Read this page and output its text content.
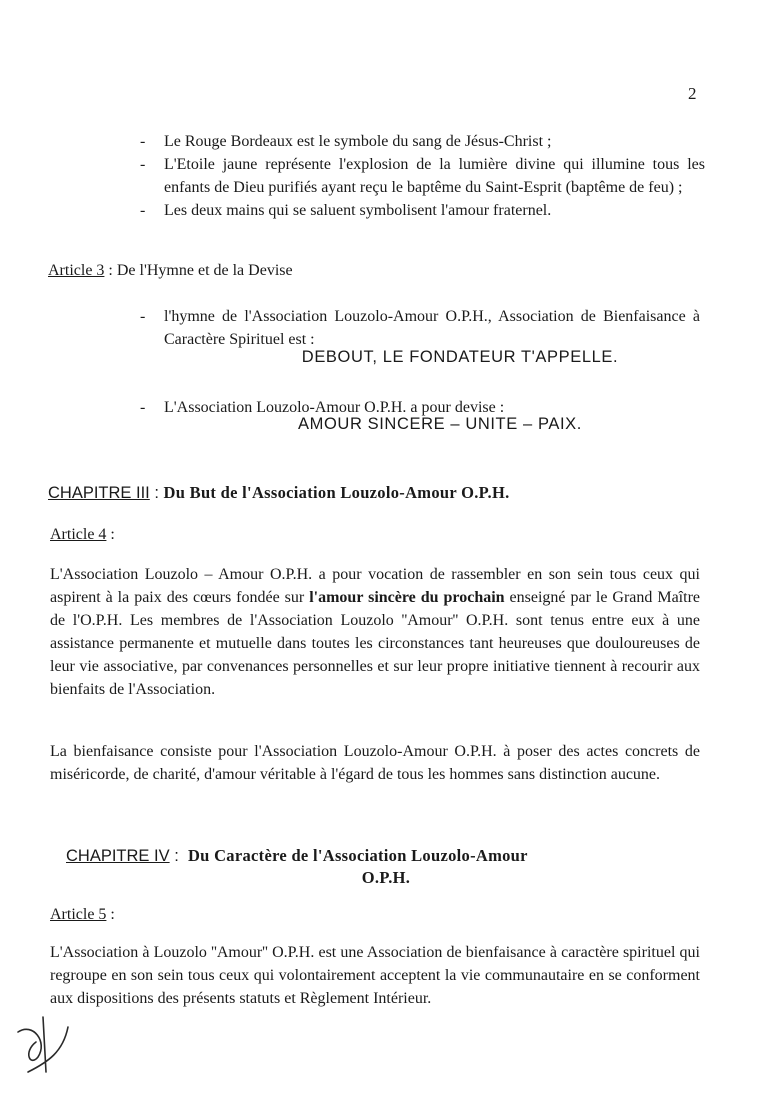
2
- Le Rouge Bordeaux est le symbole du sang de Jésus-Christ ;
- L'Etoile jaune représente l'explosion de la lumière divine qui illumine tous les enfants de Dieu purifiés ayant reçu le baptême du Saint-Esprit (baptême de feu) ;
- Les deux mains qui se saluent symbolisent l'amour fraternel.
Article 3 : De l'Hymne et de la Devise
- l'hymne de l'Association Louzolo-Amour O.P.H., Association de Bienfaisance à Caractère Spirituel est :
DEBOUT, LE FONDATEUR T'APPELLE.
- L'Association Louzolo-Amour O.P.H. a pour devise :
AMOUR SINCERE – UNITE – PAIX.
CHAPITRE III : Du But de l'Association Louzolo-Amour O.P.H.
Article 4 :
L'Association Louzolo – Amour O.P.H. a pour vocation de rassembler en son sein tous ceux qui aspirent à la paix des cœurs fondée sur l'amour sincère du prochain enseigné par le Grand Maître de l'O.P.H. Les membres de l'Association Louzolo ''Amour'' O.P.H. sont tenus entre eux à une assistance permanente et mutuelle dans toutes les circonstances tant heureuses que douloureuses de leur vie associative, par convenances personnelles et sur leur propre initiative tiennent à recourir aux bienfaits de l'Association.
La bienfaisance consiste pour l'Association Louzolo-Amour O.P.H. à poser des actes concrets de miséricorde, de charité, d'amour véritable à l'égard de tous les hommes sans distinction aucune.
CHAPITRE IV :  Du Caractère de l'Association Louzolo-Amour
O.P.H.
Article 5 :
L'Association à Louzolo ''Amour'' O.P.H. est une Association de bienfaisance à caractère spirituel qui regroupe en son sein tous ceux qui volontairement acceptent la vie communautaire en se conforment aux dispositions des présents statuts et Règlement Intérieur.
